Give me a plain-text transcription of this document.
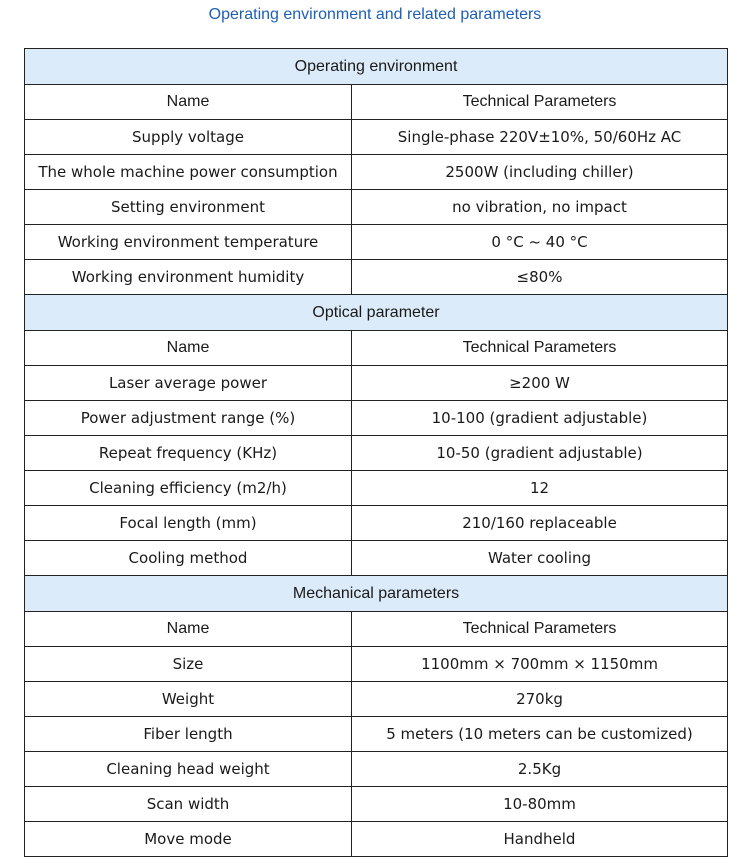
Operating environment and related parameters
Operating environment	
Name	Technical Parameters
Supply voltage	Single-phase 220V±10%, 50/60Hz AC
The whole machine power consumption	2500W (including chiller)
Setting environment	no vibration, no impact
Working environment temperature	0 °C ~ 40 °C
Working environment humidity	≤80%
Optical parameter	
Name	Technical Parameters
Laser average power	≥200 W
Power adjustment range (%)	10-100 (gradient adjustable)
Repeat frequency (KHz)	10-50 (gradient adjustable)
Cleaning efficiency (m2/h)	12
Focal length (mm)	210/160 replaceable
Cooling method	Water cooling
Mechanical parameters	
Name	Technical Parameters
Size	1100mm × 700mm × 1150mm
Weight	270kg
Fiber length	5 meters (10 meters can be customized)
Cleaning head weight	2.5Kg
Scan width	10-80mm
Move mode	Handheld
